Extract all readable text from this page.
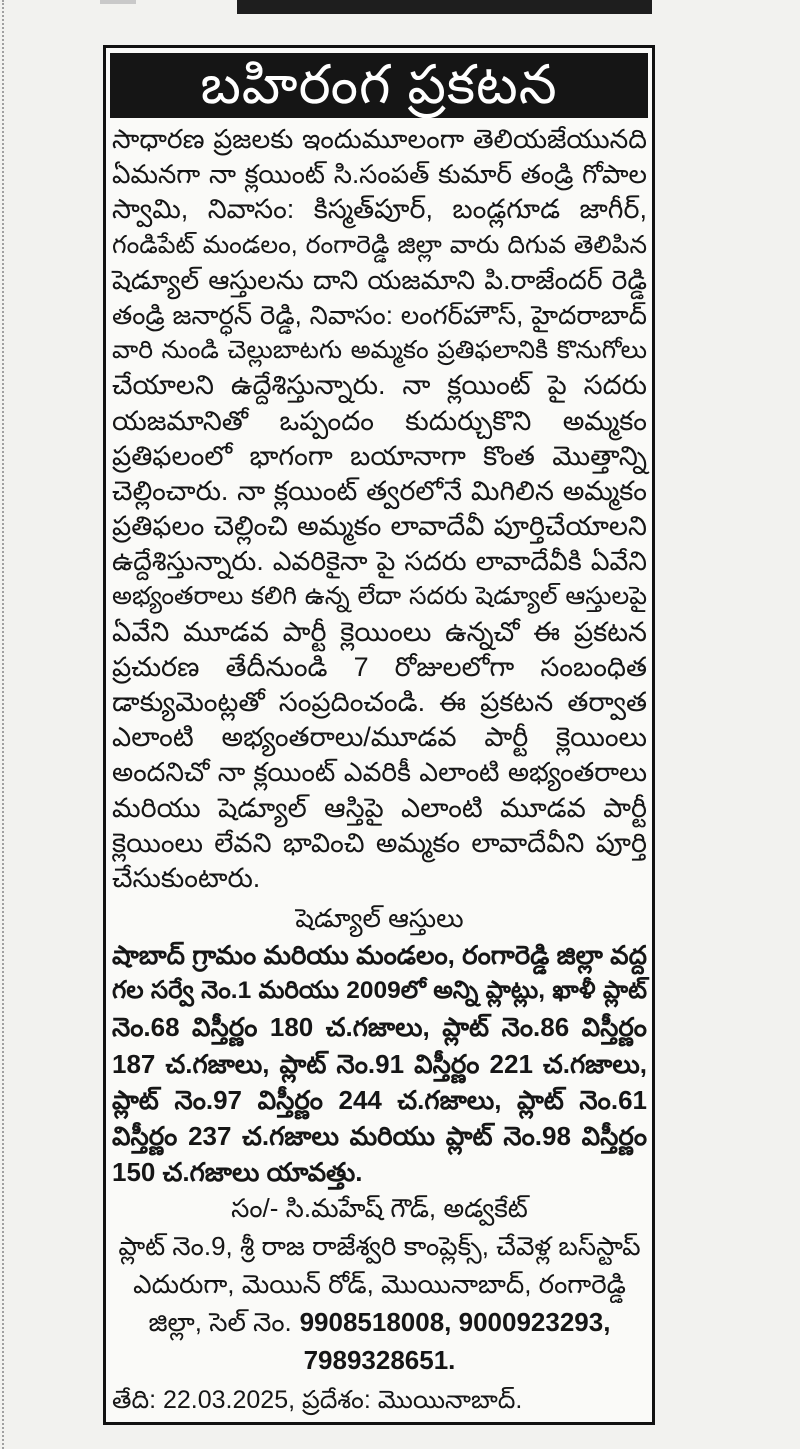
బహిరంగ ప్రకటన
సాధారణ ప్రజలకు ఇందుమూలంగా తెలియజేయునది
ఏమనగా నా క్లయింట్ సి.సంపత్ కుమార్ తండ్రి గోపాల
స్వామి, నివాసం: కిస్మత్‌పూర్, బండ్లగూడ జాగీర్,
గండిపేట్ మండలం, రంగారెడ్డి జిల్లా వారు దిగువ తెలిపిన
షెడ్యూల్ ఆస్తులను దాని యజమాని పి.రాజేందర్ రెడ్డి
తండ్రి జనార్ధన్ రెడ్డి, నివాసం: లంగర్‌హౌస్, హైదరాబాద్
వారి నుండి చెల్లుబాటగు అమ్మకం ప్రతిఫలానికి కొనుగోలు
చేయాలని ఉద్దేశిస్తున్నారు. నా క్లయింట్ పై సదరు
యజమానితో ఒప్పందం కుదుర్చుకొని అమ్మకం
ప్రతిఫలంలో భాగంగా బయానాగా కొంత మొత్తాన్ని
చెల్లించారు. నా క్లయింట్ త్వరలోనే మిగిలిన అమ్మకం
ప్రతిఫలం చెల్లించి అమ్మకం లావాదేవీ పూర్తిచేయాలని
ఉద్దేశిస్తున్నారు. ఎవరికైనా పై సదరు లావాదేవీకి ఏవేని
అభ్యంతరాలు కలిగి ఉన్న లేదా సదరు షెడ్యూల్ ఆస్తులపై
ఏవేని మూడవ పార్టీ క్లెయింలు ఉన్నచో ఈ ప్రకటన
ప్రచురణ తేదీనుండి 7 రోజులలోగా సంబంధిత
డాక్యుమెంట్లతో సంప్రదించండి. ఈ ప్రకటన తర్వాత
ఎలాంటి అభ్యంతరాలు/మూడవ పార్టీ క్లెయింలు
అందనిచో నా క్లయింట్ ఎవరికీ ఎలాంటి అభ్యంతరాలు
మరియు షెడ్యూల్ ఆస్తిపై ఎలాంటి మూడవ పార్టీ
క్లెయింలు లేవని భావించి అమ్మకం లావాదేవీని పూర్తి
చేసుకుంటారు.
షెడ్యూల్ ఆస్తులు
షాబాద్ గ్రామం మరియు మండలం, రంగారెడ్డి జిల్లా వద్ద
గల సర్వే నెం.1 మరియు 2009లో అన్ని ప్లాట్లు, ఖాళీ ప్లాట్
నెం.68 విస్తీర్ణం 180 చ.గజాలు, ప్లాట్ నెం.86 విస్తీర్ణం
187 చ.గజాలు, ప్లాట్ నెం.91 విస్తీర్ణం 221 చ.గజాలు,
ప్లాట్ నెం.97 విస్తీర్ణం 244 చ.గజాలు, ప్లాట్ నెం.61
విస్తీర్ణం 237 చ.గజాలు మరియు ప్లాట్ నెం.98 విస్తీర్ణం
150 చ.గజాలు యావత్తు.
సం/- సి.మహేష్ గౌడ్, అడ్వకేట్
ప్లాట్ నెం.9, శ్రీ రాజ రాజేశ్వరి కాంప్లెక్స్, చేవెళ్ల బస్‌స్టాప్
ఎదురుగా, మెయిన్ రోడ్, మొయినాబాద్, రంగారెడ్డి
జిల్లా, సెల్ నెం. 9908518008, 9000923293,
7989328651.
తేది: 22.03.2025, ప్రదేశం: మొయినాబాద్.
